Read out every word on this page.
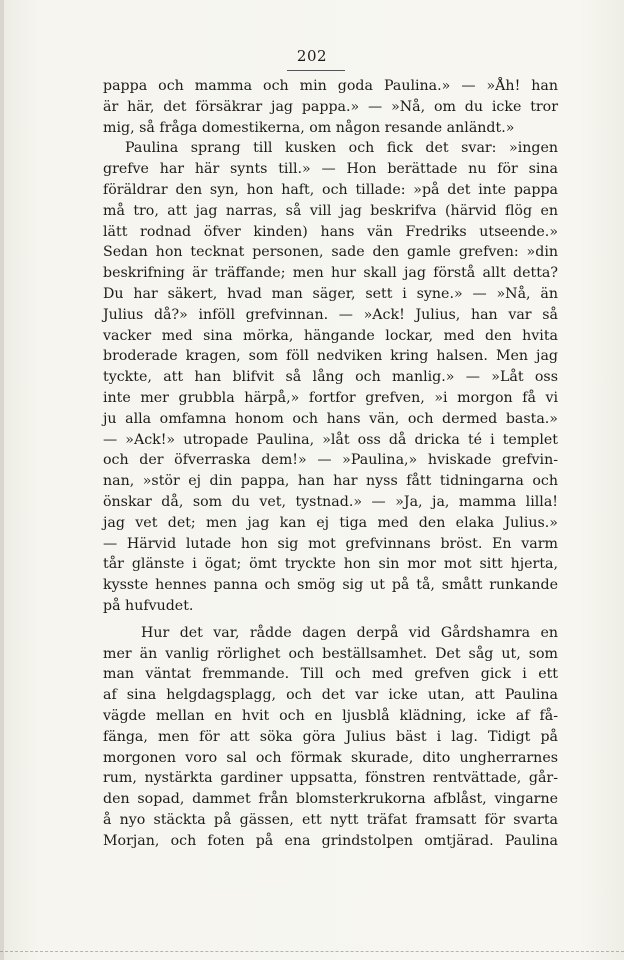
202
pappa och mamma och min goda Paulina.» — »Åh! han
är här, det försäkrar jag pappa.» — »Nå, om du icke tror
mig, så fråga domestikerna, om någon resande anländt.»
Paulina sprang till kusken och fick det svar: »ingen
grefve har här synts till.» — Hon berättade nu för sina
föräldrar den syn, hon haft, och tillade: »på det inte pappa
må tro, att jag narras, så vill jag beskrifva (härvid flög en
lätt rodnad öfver kinden) hans vän Fredriks utseende.»
Sedan hon tecknat personen, sade den gamle grefven: »din
beskrifning är träffande; men hur skall jag förstå allt detta?
Du har säkert, hvad man säger, sett i syne.» — »Nå, än
Julius då?» inföll grefvinnan. — »Ack! Julius, han var så
vacker med sina mörka, hängande lockar, med den hvita
broderade kragen, som föll nedviken kring halsen. Men jag
tyckte, att han blifvit så lång och manlig.» — »Låt oss
inte mer grubbla härpå,» fortfor grefven, »i morgon få vi
ju alla omfamna honom och hans vän, och dermed basta.»
— »Ack!» utropade Paulina, »låt oss då dricka té i templet
och der öfverraska dem!» — »Paulina,» hviskade grefvin-
nan, »stör ej din pappa, han har nyss fått tidningarna och
önskar då, som du vet, tystnad.» — »Ja, ja, mamma lilla!
jag vet det; men jag kan ej tiga med den elaka Julius.»
— Härvid lutade hon sig mot grefvinnans bröst. En varm
tår glänste i ögat; ömt tryckte hon sin mor mot sitt hjerta,
kysste hennes panna och smög sig ut på tå, smått runkande
på hufvudet.
Hur det var, rådde dagen derpå vid Gårdshamra en
mer än vanlig rörlighet och beställsamhet. Det såg ut, som
man väntat fremmande. Till och med grefven gick i ett
af sina helgdagsplagg, och det var icke utan, att Paulina
vägde mellan en hvit och en ljusblå klädning, icke af få-
fänga, men för att söka göra Julius bäst i lag. Tidigt på
morgonen voro sal och förmak skurade, dito ungherrarnes
rum, nystärkta gardiner uppsatta, fönstren rentvättade, går-
den sopad, dammet från blomsterkrukorna afblåst, vingarne
å nyo stäckta på gässen, ett nytt träfat framsatt för svarta
Morjan, och foten på ena grindstolpen omtjärad. Paulina
